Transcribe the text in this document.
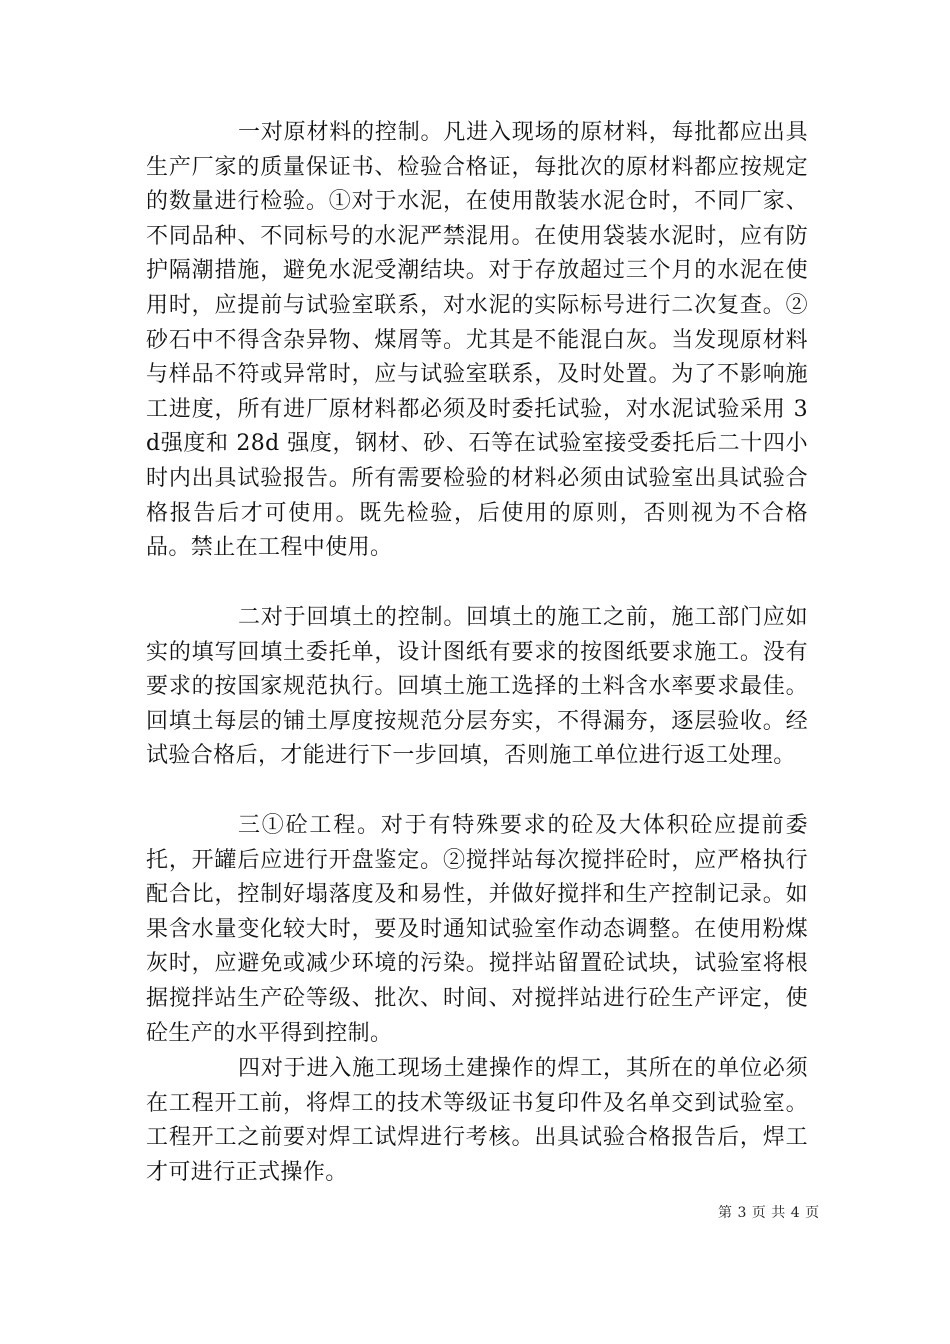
一对原材料的控制。凡进入现场的原材料，每批都应出具生产厂家的质量保证书、检验合格证，每批次的原材料都应按规定的数量进行检验。①对于水泥，在使用散装水泥仓时，不同厂家、不同品种、不同标号的水泥严禁混用。在使用袋装水泥时，应有防护隔潮措施，避免水泥受潮结块。对于存放超过三个月的水泥在使用时，应提前与试验室联系，对水泥的实际标号进行二次复查。②砂石中不得含杂异物、煤屑等。尤其是不能混白灰。当发现原材料与样品不符或异常时，应与试验室联系，及时处置。为了不影响施工进度，所有进厂原材料都必须及时委托试验，对水泥试验采用 3d强度和 28d 强度，钢材、砂、石等在试验室接受委托后二十四小时内出具试验报告。所有需要检验的材料必须由试验室出具试验合格报告后才可使用。既先检验，后使用的原则，否则视为不合格品。禁止在工程中使用。

二对于回填土的控制。回填土的施工之前，施工部门应如实的填写回填土委托单，设计图纸有要求的按图纸要求施工。没有要求的按国家规范执行。回填土施工选择的土料含水率要求最佳。回填土每层的铺土厚度按规范分层夯实，不得漏夯，逐层验收。经试验合格后，才能进行下一步回填，否则施工单位进行返工处理。

三①砼工程。对于有特殊要求的砼及大体积砼应提前委托，开罐后应进行开盘鉴定。②搅拌站每次搅拌砼时，应严格执行配合比，控制好塌落度及和易性，并做好搅拌和生产控制记录。如果含水量变化较大时，要及时通知试验室作动态调整。在使用粉煤灰时，应避免或减少环境的污染。搅拌站留置砼试块，试验室将根据搅拌站生产砼等级、批次、时间、对搅拌站进行砼生产评定，使砼生产的水平得到控制。

四对于进入施工现场土建操作的焊工，其所在的单位必须在工程开工前，将焊工的技术等级证书复印件及名单交到试验室。工程开工之前要对焊工试焊进行考核。出具试验合格报告后，焊工才可进行正式操作。

第 3 页 共 4 页
